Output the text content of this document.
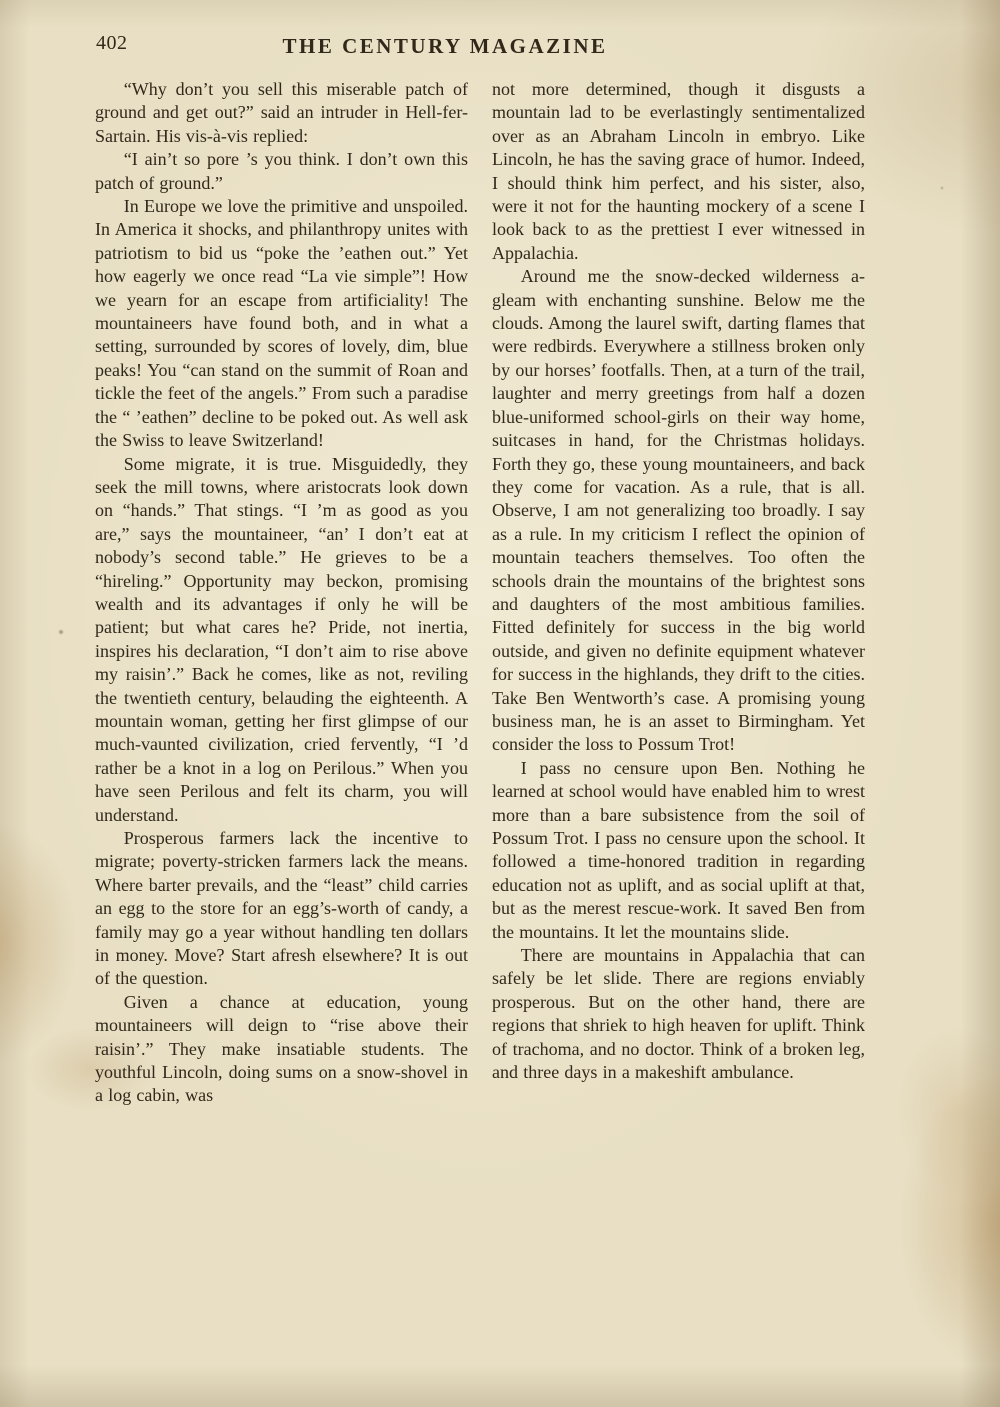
402	THE CENTURY MAGAZINE

“Why don’t you sell this miserable patch of ground and get out?” said an intruder in Hell-fer-Sartain. His vis-à-vis replied:

“I ain’t so pore ’s you think. I don’t own this patch of ground.”

In Europe we love the primitive and unspoiled. In America it shocks, and philanthropy unites with patriotism to bid us “poke the ’eathen out.” Yet how eagerly we once read “La vie simple”! How we yearn for an escape from artificiality! The mountaineers have found both, and in what a setting, surrounded by scores of lovely, dim, blue peaks! You “can stand on the summit of Roan and tickle the feet of the angels.” From such a paradise the “ ’eathen” decline to be poked out. As well ask the Swiss to leave Switzerland!

Some migrate, it is true. Misguidedly, they seek the mill towns, where aristocrats look down on “hands.” That stings. “I ’m as good as you are,” says the mountaineer, “an’ I don’t eat at nobody’s second table.” He grieves to be a “hireling.” Opportunity may beckon, promising wealth and its advantages if only he will be patient; but what cares he? Pride, not inertia, inspires his declaration, “I don’t aim to rise above my raisin’.” Back he comes, like as not, reviling the twentieth century, belauding the eighteenth. A mountain woman, getting her first glimpse of our much-vaunted civilization, cried fervently, “I ’d rather be a knot in a log on Perilous.” When you have seen Perilous and felt its charm, you will understand.

Prosperous farmers lack the incentive to migrate; poverty-stricken farmers lack the means. Where barter prevails, and the “least” child carries an egg to the store for an egg’s-worth of candy, a family may go a year without handling ten dollars in money. Move? Start afresh elsewhere? It is out of the question.

Given a chance at education, young mountaineers will deign to “rise above their raisin’.” They make insatiable students. The youthful Lincoln, doing sums on a snow-shovel in a log cabin, was

not more determined, though it disgusts a mountain lad to be everlastingly sentimentalized over as an Abraham Lincoln in embryo. Like Lincoln, he has the saving grace of humor. Indeed, I should think him perfect, and his sister, also, were it not for the haunting mockery of a scene I look back to as the prettiest I ever witnessed in Appalachia.

Around me the snow-decked wilderness a-gleam with enchanting sunshine. Below me the clouds. Among the laurel swift, darting flames that were redbirds. Everywhere a stillness broken only by our horses’ footfalls. Then, at a turn of the trail, laughter and merry greetings from half a dozen blue-uniformed school-girls on their way home, suitcases in hand, for the Christmas holidays. Forth they go, these young mountaineers, and back they come for vacation. As a rule, that is all. Observe, I am not generalizing too broadly. I say as a rule. In my criticism I reflect the opinion of mountain teachers themselves. Too often the schools drain the mountains of the brightest sons and daughters of the most ambitious families. Fitted definitely for success in the big world outside, and given no definite equipment whatever for success in the highlands, they drift to the cities. Take Ben Wentworth’s case. A promising young business man, he is an asset to Birmingham. Yet consider the loss to Possum Trot!

I pass no censure upon Ben. Nothing he learned at school would have enabled him to wrest more than a bare subsistence from the soil of Possum Trot. I pass no censure upon the school. It followed a time-honored tradition in regarding education not as uplift, and as social uplift at that, but as the merest rescue-work. It saved Ben from the mountains. It let the mountains slide.

There are mountains in Appalachia that can safely be let slide. There are regions enviably prosperous. But on the other hand, there are regions that shriek to high heaven for uplift. Think of trachoma, and no doctor. Think of a broken leg, and three days in a makeshift ambulance.
